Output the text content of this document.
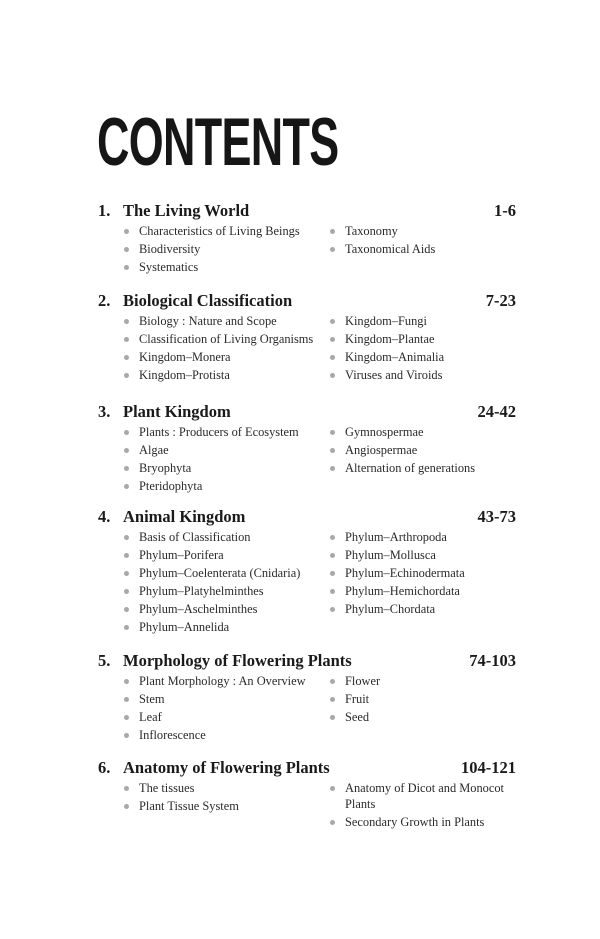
CONTENTS
1. The Living World	1-6
Characteristics of Living Beings
Biodiversity
Systematics
Taxonomy
Taxonomical Aids
2. Biological Classification	7-23
Biology : Nature and Scope
Classification of Living Organisms
Kingdom–Monera
Kingdom–Protista
Kingdom–Fungi
Kingdom–Plantae
Kingdom–Animalia
Viruses and Viroids
3. Plant Kingdom	24-42
Plants : Producers of Ecosystem
Algae
Bryophyta
Pteridophyta
Gymnospermae
Angiospermae
Alternation of generations
4. Animal Kingdom	43-73
Basis of Classification
Phylum–Porifera
Phylum–Coelenterata (Cnidaria)
Phylum–Platyhelminthes
Phylum–Aschelminthes
Phylum–Annelida
Phylum–Arthropoda
Phylum–Mollusca
Phylum–Echinodermata
Phylum–Hemichordata
Phylum–Chordata
5. Morphology of Flowering Plants	74-103
Plant Morphology : An Overview
Stem
Leaf
Inflorescence
Flower
Fruit
Seed
6. Anatomy of Flowering Plants	104-121
The tissues
Plant Tissue System
Anatomy of Dicot and Monocot Plants
Secondary Growth in Plants
